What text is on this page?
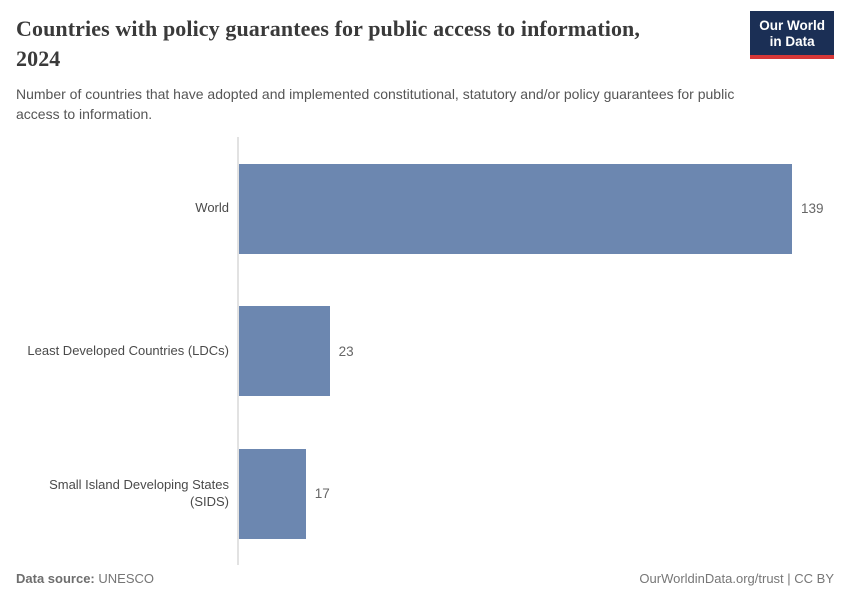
Countries with policy guarantees for public access to information,
2024

Number of countries that have adopted and implemented constitutional, statutory and/or policy guarantees for public access to information.

Our World
in Data
World	139
Least Developed Countries (LDCs)	23
Small Island Developing States (SIDS)	17
Data source: UNESCO	OurWorldinData.org/trust | CC BY
